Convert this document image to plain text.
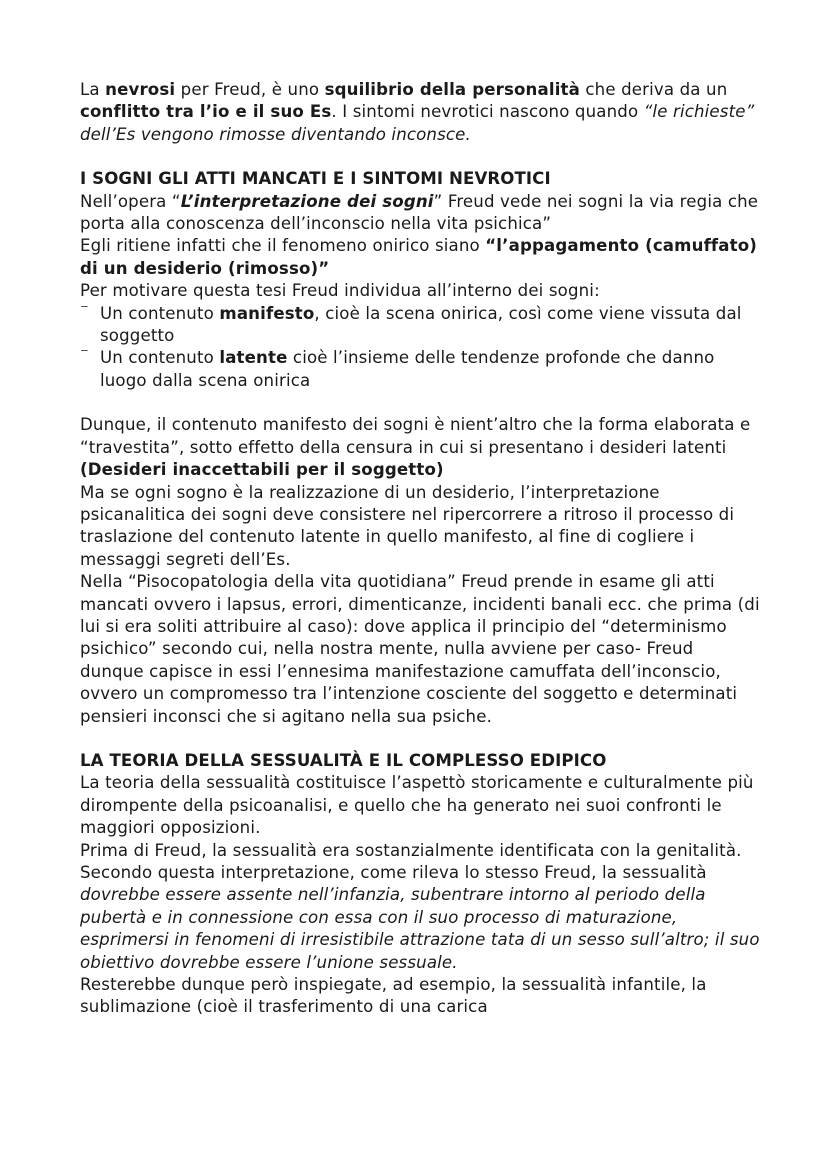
La nevrosi per Freud, è uno squilibrio della personalità che deriva da un conflitto tra l’io e il suo Es. I sintomi nevrotici nascono quando “le richieste” dell’Es vengono rimosse diventando inconsce.

I SOGNI GLI ATTI MANCATI E I SINTOMI NEVROTICI

Nell’opera “L’interpretazione dei sogni” Freud vede nei sogni la via regia che porta alla conoscenza dell’inconscio nella vita psichica”

Egli ritiene infatti che il fenomeno onirico siano “l’appagamento (camuffato) di un desiderio (rimosso)”

Per motivare questa tesi Freud individua all’interno dei sogni:

⁻ Un contenuto manifesto, cioè la scena onirica, così come viene vissuta dal soggetto
⁻ Un contenuto latente cioè l’insieme delle tendenze profonde che danno luogo dalla scena onirica

Dunque, il contenuto manifesto dei sogni è nient’altro che la forma elaborata e “travestita”, sotto effetto della censura in cui si presentano i desideri latenti (Desideri inaccettabili per il soggetto)

Ma se ogni sogno è la realizzazione di un desiderio, l’interpretazione psicanalitica dei sogni deve consistere nel ripercorrere a ritroso il processo di traslazione del contenuto latente in quello manifesto, al fine di cogliere i messaggi segreti dell’Es.

Nella “Pisocopatologia della vita quotidiana” Freud prende in esame gli atti mancati ovvero i lapsus, errori, dimenticanze, incidenti banali ecc. che prima (di lui si era soliti attribuire al caso): dove applica il principio del “determinismo psichico” secondo cui, nella nostra mente, nulla avviene per caso- Freud dunque capisce in essi l’ennesima manifestazione camuffata dell’inconscio, ovvero un compromesso tra l’intenzione cosciente del soggetto e determinati pensieri inconsci che si agitano nella sua psiche.

LA TEORIA DELLA SESSUALITÀ E IL COMPLESSO EDIPICO

La teoria della sessualità costituisce l’aspettò storicamente e culturalmente più dirompente della psicoanalisi, e quello che ha generato nei suoi confronti le maggiori opposizioni.

Prima di Freud, la sessualità era sostanzialmente identificata con la genitalità.

Secondo questa interpretazione, come rileva lo stesso Freud, la sessualità dovrebbe essere assente nell’infanzia, subentrare intorno al periodo della pubertà e in connessione con essa con il suo processo di maturazione, esprimersi in fenomeni di irresistibile attrazione tata di un sesso sull’altro; il suo obiettivo dovrebbe essere l’unione sessuale.

Resterebbe dunque però inspiegate, ad esempio, la sessualità infantile, la sublimazione (cioè il trasferimento di una carica
